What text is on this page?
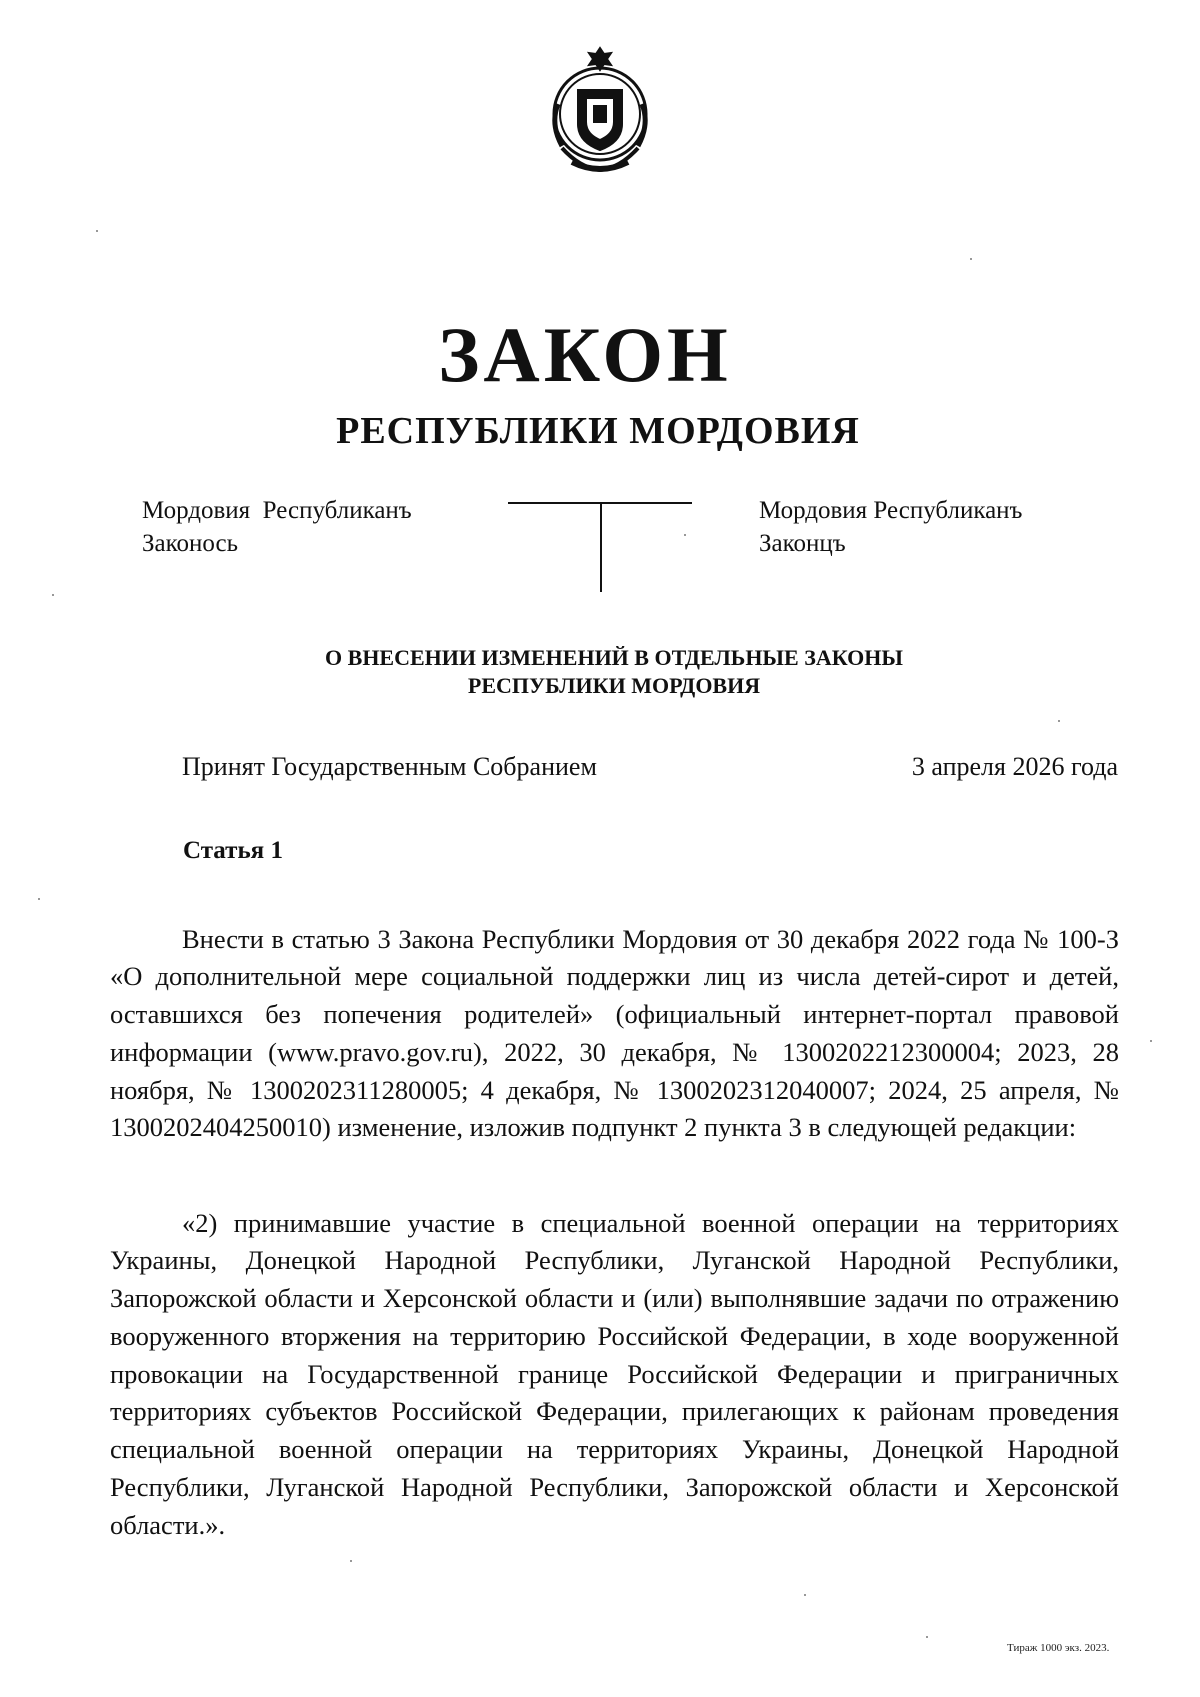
ЗАКОН
РЕСПУБЛИКИ МОРДОВИЯ
Мордовия  Республиканъ
Законось
Мордовия Республиканъ
Законцъ
О ВНЕСЕНИИ ИЗМЕНЕНИЙ В ОТДЕЛЬНЫЕ ЗАКОНЫ
РЕСПУБЛИКИ МОРДОВИЯ
Принят Государственным Собранием	3 апреля 2026 года
Статья 1

Внести в статью 3 Закона Республики Мордовия от 30 декабря 2022 года № 100-З «О дополнительной мере социальной поддержки лиц из числа детей-сирот и детей, оставшихся без попечения родителей» (официальный интернет-портал правовой информации (www.pravo.gov.ru), 2022, 30 декабря, № 1300202212300004; 2023, 28 ноября, № 1300202311280005; 4 декабря, № 1300202312040007; 2024, 25 апреля, № 1300202404250010) изменение, изложив подпункт 2 пункта 3 в следующей редакции:

«2) принимавшие участие в специальной военной операции на территориях Украины, Донецкой Народной Республики, Луганской Народной Республики, Запорожской области и Херсонской области и (или) выполнявшие задачи по отражению вооруженного вторжения на территорию Российской Федерации, в ходе вооруженной провокации на Государственной границе Российской Федерации и приграничных территориях субъектов Российской Федерации, прилегающих к районам проведения специальной военной операции на территориях Украины, Донецкой Народной Республики, Луганской Народной Республики, Запорожской области и Херсонской области.».

Тираж 1000 экз. 2023.
